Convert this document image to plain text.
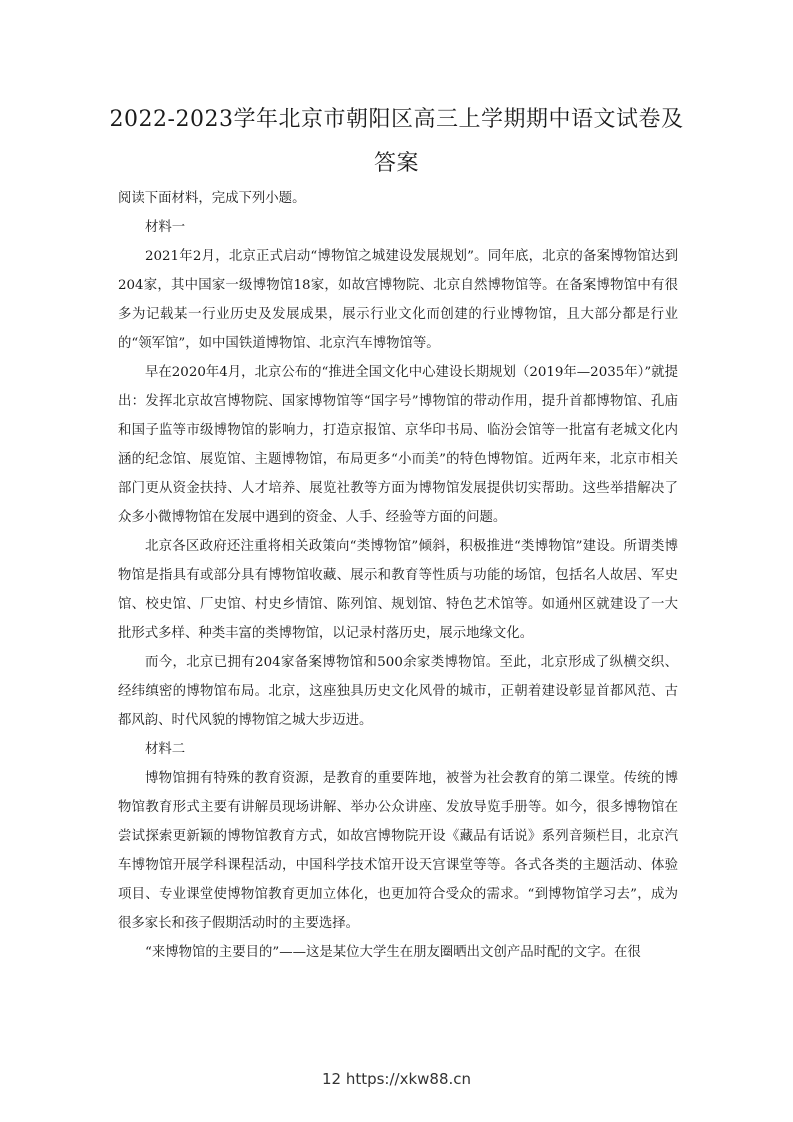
2022-2023学年北京市朝阳区高三上学期期中语文试卷及答案

阅读下面材料，完成下列小题。

材料一

2021年2月，北京正式启动“博物馆之城建设发展规划”。同年底，北京的备案博物馆达到204家，其中国家一级博物馆18家，如故宫博物院、北京自然博物馆等。在备案博物馆中有很多为记载某一行业历史及发展成果，展示行业文化而创建的行业博物馆，且大部分都是行业的“领军馆”，如中国铁道博物馆、北京汽车博物馆等。

早在2020年4月，北京公布的“推进全国文化中心建设长期规划（2019年—2035年）”就提出：发挥北京故宫博物院、国家博物馆等“国字号”博物馆的带动作用，提升首都博物馆、孔庙和国子监等市级博物馆的影响力，打造京报馆、京华印书局、临汾会馆等一批富有老城文化内涵的纪念馆、展览馆、主题博物馆，布局更多“小而美”的特色博物馆。近两年来，北京市相关部门更从资金扶持、人才培养、展览社教等方面为博物馆发展提供切实帮助。这些举措解决了众多小微博物馆在发展中遇到的资金、人手、经验等方面的问题。

北京各区政府还注重将相关政策向“类博物馆”倾斜，积极推进“类博物馆”建设。所谓类博物馆是指具有或部分具有博物馆收藏、展示和教育等性质与功能的场馆，包括名人故居、军史馆、校史馆、厂史馆、村史乡情馆、陈列馆、规划馆、特色艺术馆等。如通州区就建设了一大批形式多样、种类丰富的类博物馆，以记录村落历史，展示地缘文化。

而今，北京已拥有204家备案博物馆和500余家类博物馆。至此，北京形成了纵横交织、经纬缜密的博物馆布局。北京，这座独具历史文化风骨的城市，正朝着建设彰显首都风范、古都风韵、时代风貌的博物馆之城大步迈进。

材料二

博物馆拥有特殊的教育资源，是教育的重要阵地，被誉为社会教育的第二课堂。传统的博物馆教育形式主要有讲解员现场讲解、举办公众讲座、发放导览手册等。如今，很多博物馆在尝试探索更新颖的博物馆教育方式，如故宫博物院开设《藏品有话说》系列音频栏目，北京汽车博物馆开展学科课程活动，中国科学技术馆开设天宫课堂等等。各式各类的主题活动、体验项目、专业课堂使博物馆教育更加立体化，也更加符合受众的需求。“到博物馆学习去”，成为很多家长和孩子假期活动时的主要选择。

“来博物馆的主要目的”——这是某位大学生在朋友圈晒出文创产品时配的文字。在很

12 https://xkw88.cn
